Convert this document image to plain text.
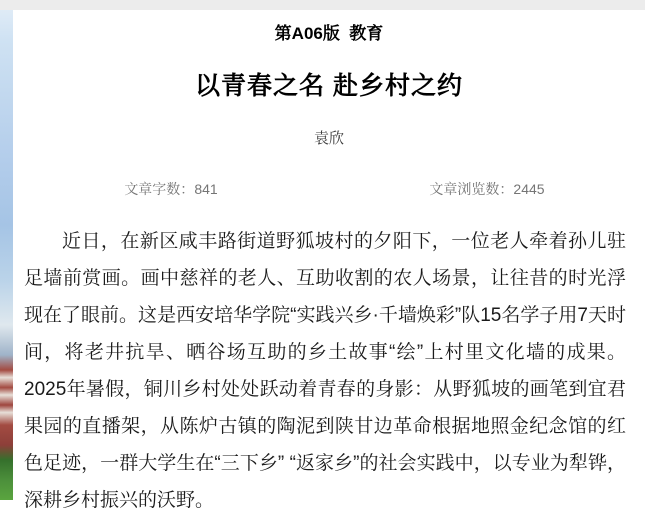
第A06版  教育
以青春之名 赴乡村之约
袁欣
文章字数：841	文章浏览数：2445

近日，在新区咸丰路街道野狐坡村的夕阳下，一位老人牵着孙儿驻足墙前赏画。画中慈祥的老人、互助收割的农人场景，让往昔的时光浮现在了眼前。这是西安培华学院“实践兴乡·千墙焕彩”队15名学子用7天时间，将老井抗旱、晒谷场互助的乡土故事“绘”上村里文化墙的成果。2025年暑假，铜川乡村处处跃动着青春的身影：从野狐坡的画笔到宜君果园的直播架，从陈炉古镇的陶泥到陕甘边革命根据地照金纪念馆的红色足迹，一群大学生在“三下乡” “返家乡”的社会实践中，以专业为犁铧，深耕乡村振兴的沃野。
